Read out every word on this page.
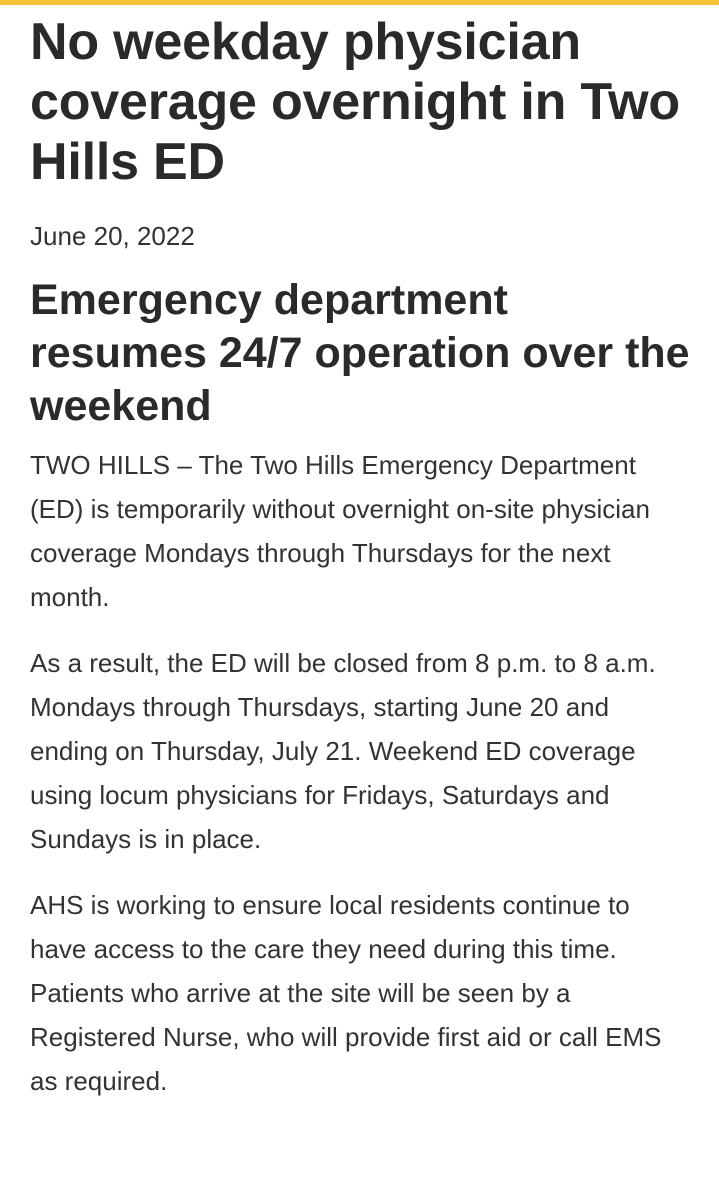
No weekday physician coverage overnight in Two Hills ED
June 20, 2022
Emergency department resumes 24/7 operation over the weekend

TWO HILLS – The Two Hills Emergency Department (ED) is temporarily without overnight on-site physician coverage Mondays through Thursdays for the next month.

As a result, the ED will be closed from 8 p.m. to 8 a.m. Mondays through Thursdays, starting June 20 and ending on Thursday, July 21. Weekend ED coverage using locum physicians for Fridays, Saturdays and Sundays is in place.

AHS is working to ensure local residents continue to have access to the care they need during this time. Patients who arrive at the site will be seen by a Registered Nurse, who will provide first aid or call EMS as required.
